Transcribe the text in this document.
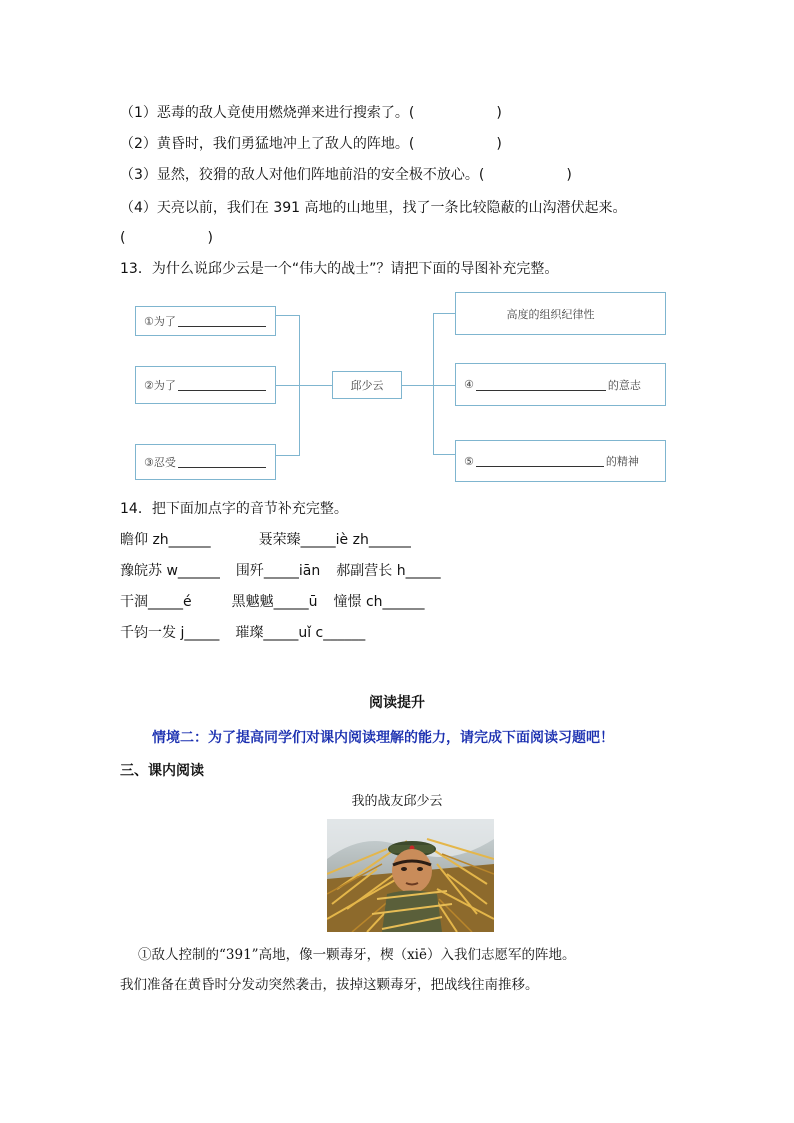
（1）恶毒的敌人竟使用燃烧弹来进行搜索了。(	)
（2）黄昏时，我们勇猛地冲上了敌人的阵地。(	)
（3）显然，狡猾的敌人对他们阵地前沿的安全极不放心。(	)
（4）天亮以前，我们在 391 高地的山地里，找了一条比较隐蔽的山沟潜伏起来。
(	)
13．为什么说邱少云是一个“伟大的战士”？请把下面的导图补充完整。
①为了
②为了
③忍受
邱少云
高度的组织纪律性
④	的意志
⑤	的精神
14．把下面加点字的音节补充完整。
瞻仰 zh______	聂荣臻_____iè zh______
豫皖苏 w______ 围歼_____iān 郝副营长 h_____
干涸_____é	黑魆魆_____ū 憧憬 ch______
千钧一发 j_____ 璀璨_____uǐ c______
阅读提升
情境二：为了提高同学们对课内阅读理解的能力，请完成下面阅读习题吧！
三、课内阅读
我的战友邱少云
①敌人控制的“391”高地，像一颗毒牙，楔（xiē）入我们志愿军的阵地。
我们准备在黄昏时分发动突然袭击，拔掉这颗毒牙，把战线往南推移。
